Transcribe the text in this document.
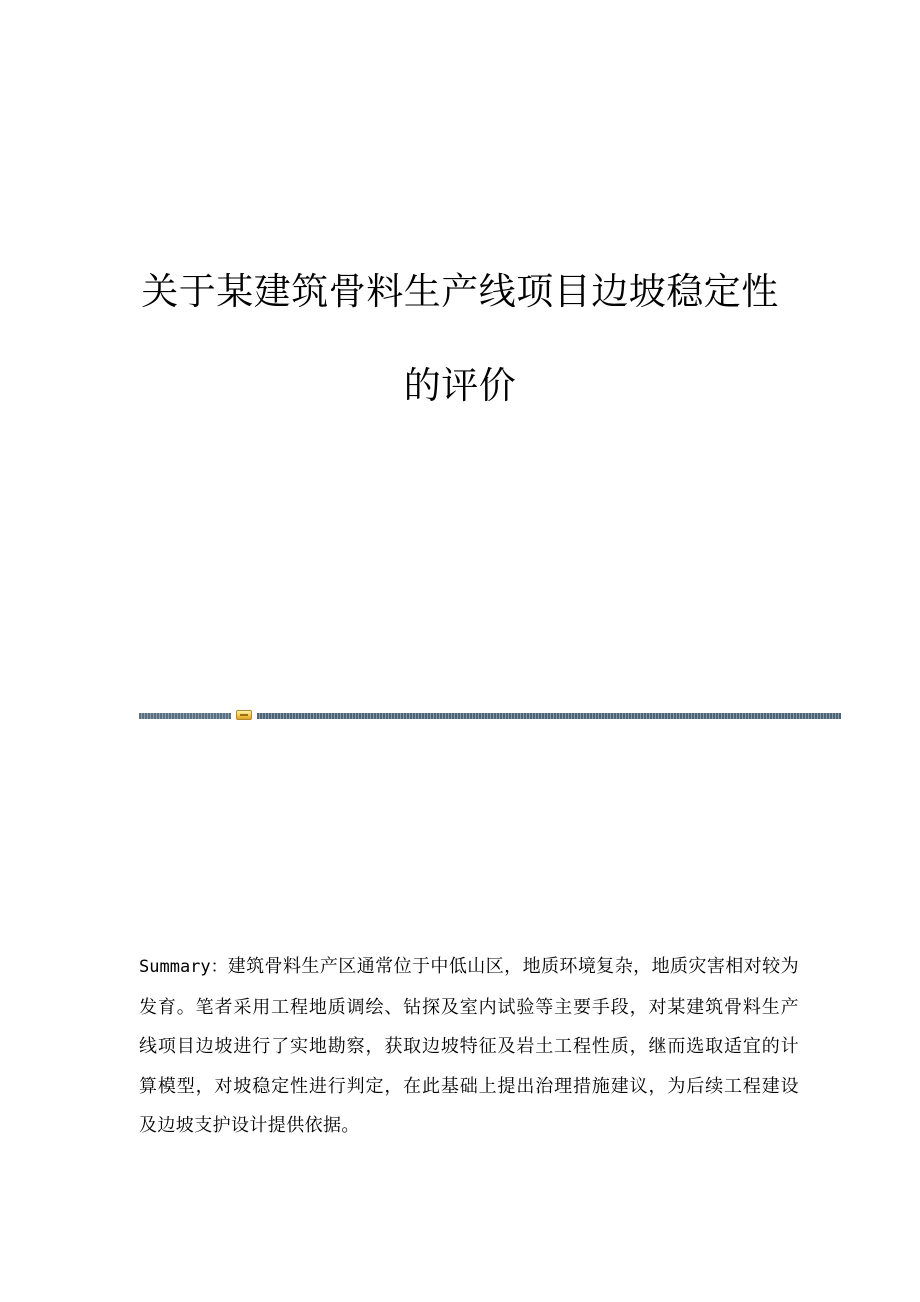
关于某建筑骨料生产线项目边坡稳定性
的评价

Summary：建筑骨料生产区通常位于中低山区，地质环境复杂，地质灾害相对较为发育。笔者采用工程地质调绘、钻探及室内试验等主要手段，对某建筑骨料生产线项目边坡进行了实地勘察，获取边坡特征及岩土工程性质，继而选取适宜的计算模型，对坡稳定性进行判定，在此基础上提出治理措施建议，为后续工程建设及边坡支护设计提供依据。
